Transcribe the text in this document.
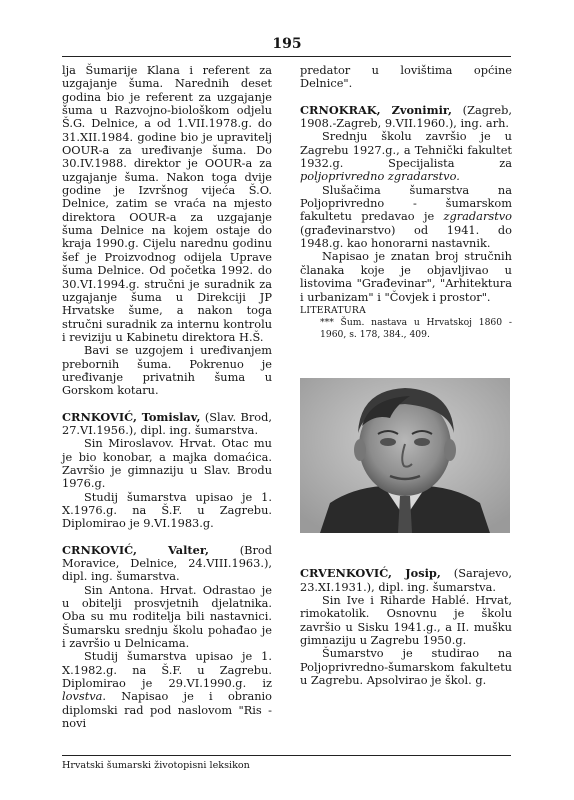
195

lja Šumarije Klana i referent za uzgajanje šuma. Narednih deset godina bio je referent za uzgajanje šuma u Razvojno-biološkom odjelu Š.G. Delnice, a od 1.VII.1978.g. do 31.XII.1984. godine bio je upravitelj OOUR-a za uređivanje šuma. Do 30.IV.1988. direktor je OOUR-a za uzgajanje šuma. Nakon toga dvije godine je Izvršnog vijeća Š.O. Delnice, zatim se vraća na mjesto direktora OOUR-a za uzgajanje šuma Delnice na kojem ostaje do kraja 1990.g. Cijelu narednu godinu šef je Proizvodnog odijela Uprave šuma Delnice. Od početka 1992. do 30.VI.1994.g. stručni je suradnik za uzgajanje šuma u Direkciji JP Hrvatske šume, a nakon toga stručni suradnik za internu kontrolu i reviziju u Kabinetu direktora H.Š.

Bavi se uzgojem i uređivanjem prebornih šuma. Pokrenuo je uređivanje privatnih šuma u Gorskom kotaru.

CRNKOVIĆ, Tomislav, (Slav. Brod, 27.VI.1956.), dipl. ing. šumarstva.

Sin Miroslavov. Hrvat. Otac mu je bio konobar, a majka domaćica. Završio je gimnaziju u Slav. Brodu 1976.g.

Studij šumarstva upisao je 1. X.1976.g. na Š.F. u Zagrebu. Diplomirao je 9.VI.1983.g.

CRNKOVIĆ, Valter, (Brod Moravice, Delnice, 24.VIII.1963.), dipl. ing. šumarstva.

Sin Antona. Hrvat. Odrastao je u obitelji prosvjetnih djelatnika. Oba su mu roditelja bili nastavnici. Šumarsku srednju školu pohađao je i završio u Delnicama.

Studij šumarstva upisao je 1. X.1982.g. na Š.F. u Zagrebu. Diplomirao je 29.VI.1990.g. iz lovstva. Napisao je i obranio diplomski rad pod naslovom "Ris - novi

predator u lovištima općine Delnice".

CRNOKRAK, Zvonimir, (Zagreb, 1908.-Zagreb, 9.VII.1960.), ing. arh.

Srednju školu završio je u Zagrebu 1927.g., a Tehnički fakultet 1932.g. Specijalista za poljoprivredno zgradarstvo.

Slušačima šumarstva na Poljoprivredno - šumarskom fakultetu predavao je zgradarstvo (građevinarstvo) od 1941. do 1948.g. kao honorarni nastavnik.

Napisao je znatan broj stručnih članaka koje je objavljivao u listovima "Građevinar", "Arhitektura i urbanizam" i "Čovjek i prostor".

LITERATURA

*** Šum. nastava u Hrvatskoj 1860 - 1960, s. 178, 384., 409.

CRVENKOVIĆ, Josip, (Sarajevo, 23.XI.1931.), dipl. ing. šumarstva.

Sin Ive i Riharde Hablé. Hrvat, rimokatolik. Osnovnu je školu završio u Sisku 1941.g., a II. mušku gimnaziju u Zagrebu 1950.g.

Šumarstvo je studirao na Poljoprivredno-šumarskom fakultetu u Zagrebu. Apsolvirao je škol. g.

Hrvatski šumarski životopisni leksikon
